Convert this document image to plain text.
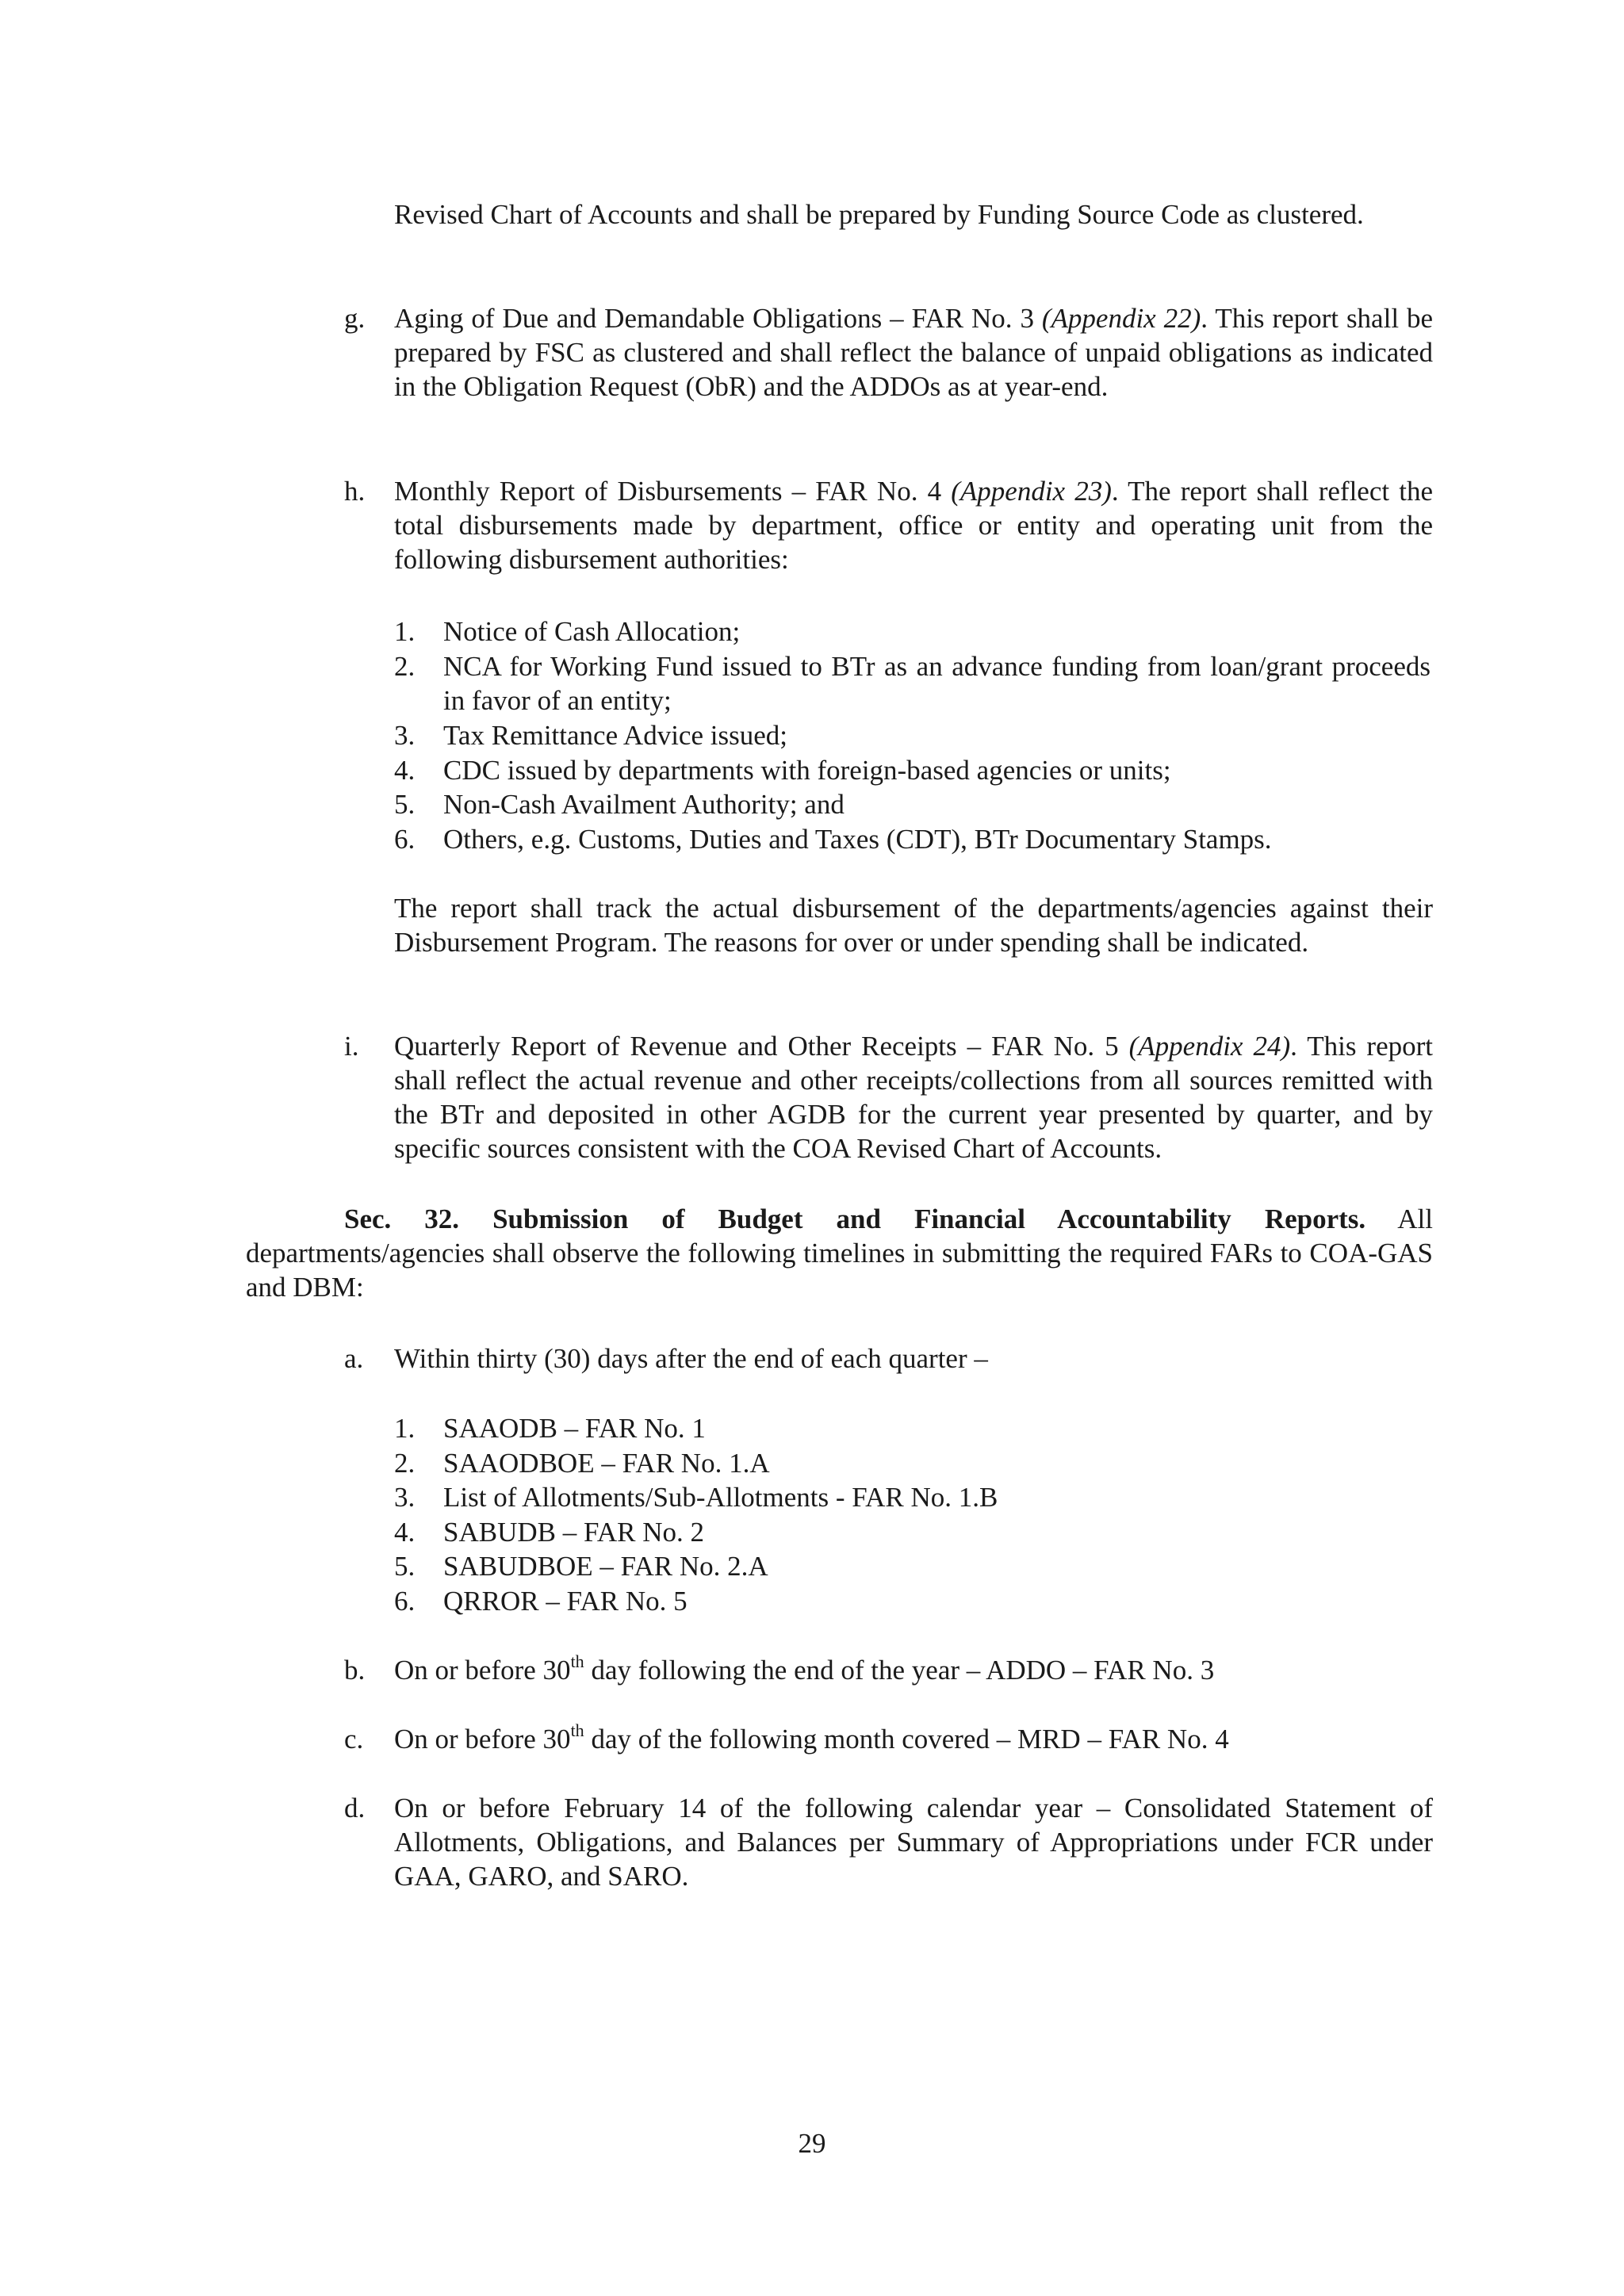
Revised Chart of Accounts and shall be prepared by Funding Source Code as clustered.
g. Aging of Due and Demandable Obligations – FAR No. 3 (Appendix 22). This report shall be prepared by FSC as clustered and shall reflect the balance of unpaid obligations as indicated in the Obligation Request (ObR) and the ADDOs as at year-end.
h. Monthly Report of Disbursements – FAR No. 4 (Appendix 23). The report shall reflect the total disbursements made by department, office or entity and operating unit from the following disbursement authorities:
1. Notice of Cash Allocation;
2. NCA for Working Fund issued to BTr as an advance funding from loan/grant proceeds in favor of an entity;
3. Tax Remittance Advice issued;
4. CDC issued by departments with foreign-based agencies or units;
5. Non-Cash Availment Authority; and
6. Others, e.g. Customs, Duties and Taxes (CDT), BTr Documentary Stamps.
The report shall track the actual disbursement of the departments/agencies against their Disbursement Program. The reasons for over or under spending shall be indicated.
i. Quarterly Report of Revenue and Other Receipts – FAR No. 5 (Appendix 24). This report shall reflect the actual revenue and other receipts/collections from all sources remitted with the BTr and deposited in other AGDB for the current year presented by quarter, and by specific sources consistent with the COA Revised Chart of Accounts.
Sec. 32. Submission of Budget and Financial Accountability Reports. All departments/agencies shall observe the following timelines in submitting the required FARs to COA-GAS and DBM:
a. Within thirty (30) days after the end of each quarter –
1. SAAODB – FAR No. 1
2. SAAODBOE – FAR No. 1.A
3. List of Allotments/Sub-Allotments - FAR No. 1.B
4. SABUDB – FAR No. 2
5. SABUDBOE – FAR No. 2.A
6. QRROR – FAR No. 5
b. On or before 30th day following the end of the year – ADDO – FAR No. 3
c. On or before 30th day of the following month covered – MRD – FAR No. 4
d. On or before February 14 of the following calendar year – Consolidated Statement of Allotments, Obligations, and Balances per Summary of Appropriations under FCR under GAA, GARO, and SARO.
29
